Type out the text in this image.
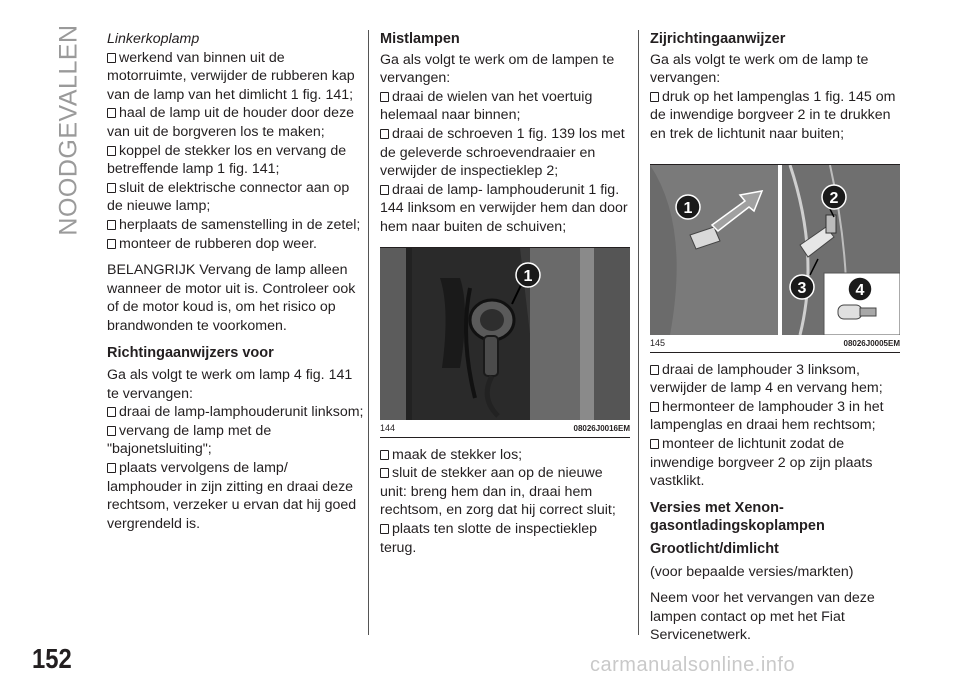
NOODGEVALLEN
152	carmanualsonline.info
Linkerkoplamp
werkend van binnen uit de motorruimte, verwijder de rubberen kap van de lamp van het dimlicht 1 fig. 141;
haal de lamp uit de houder door deze van uit de borgveren los te maken;
koppel de stekker los en vervang de betreffende lamp 1 fig. 141;
sluit de elektrische connector aan op de nieuwe lamp;
herplaats de samenstelling in de zetel;
monteer de rubberen dop weer.

BELANGRIJK Vervang de lamp alleen wanneer de motor uit is. Controleer ook of de motor koud is, om het risico op brandwonden te voorkomen.

Richtingaanwijzers voor
Ga als volgt te werk om lamp 4 fig. 141 te vervangen:
draai de lamp-lamphouderunit linksom;
vervang de lamp met de "bajonetsluiting";
plaats vervolgens de lamp/ lamphouder in zijn zitting en draai deze rechtsom, verzeker u ervan dat hij goed vergrendeld is.
Mistlampen
Ga als volgt te werk om de lampen te vervangen:
draai de wielen van het voertuig helemaal naar binnen;
draai de schroeven 1 fig. 139 los met de geleverde schroevendraaier en verwijder de inspectieklep 2;
draai de lamp- lamphouderunit 1 fig. 144 linksom en verwijder hem dan door hem naar buiten de schuiven;
1
144	08026J0016EM
maak de stekker los;
sluit de stekker aan op de nieuwe unit: breng hem dan in, draai hem rechtsom, en zorg dat hij correct sluit;
plaats ten slotte de inspectieklep terug.
Zijrichtingaanwijzer
Ga als volgt te werk om de lamp te vervangen:
druk op het lampenglas 1 fig. 145 om de inwendige borgveer 2 in te drukken en trek de lichtunit naar buiten;
1
2
3	4
145	08026J0005EM
draai de lamphouder 3 linksom, verwijder de lamp 4 en vervang hem;
hermonteer de lamphouder 3 in het lampenglas en draai hem rechtsom;
monteer de lichtunit zodat de inwendige borgveer 2 op zijn plaats vastklikt.
Versies met Xenon- gasontladingskoplampen
Grootlicht/dimlicht

(voor bepaalde versies/markten)

Neem voor het vervangen van deze lampen contact op met het Fiat Servicenetwerk.
